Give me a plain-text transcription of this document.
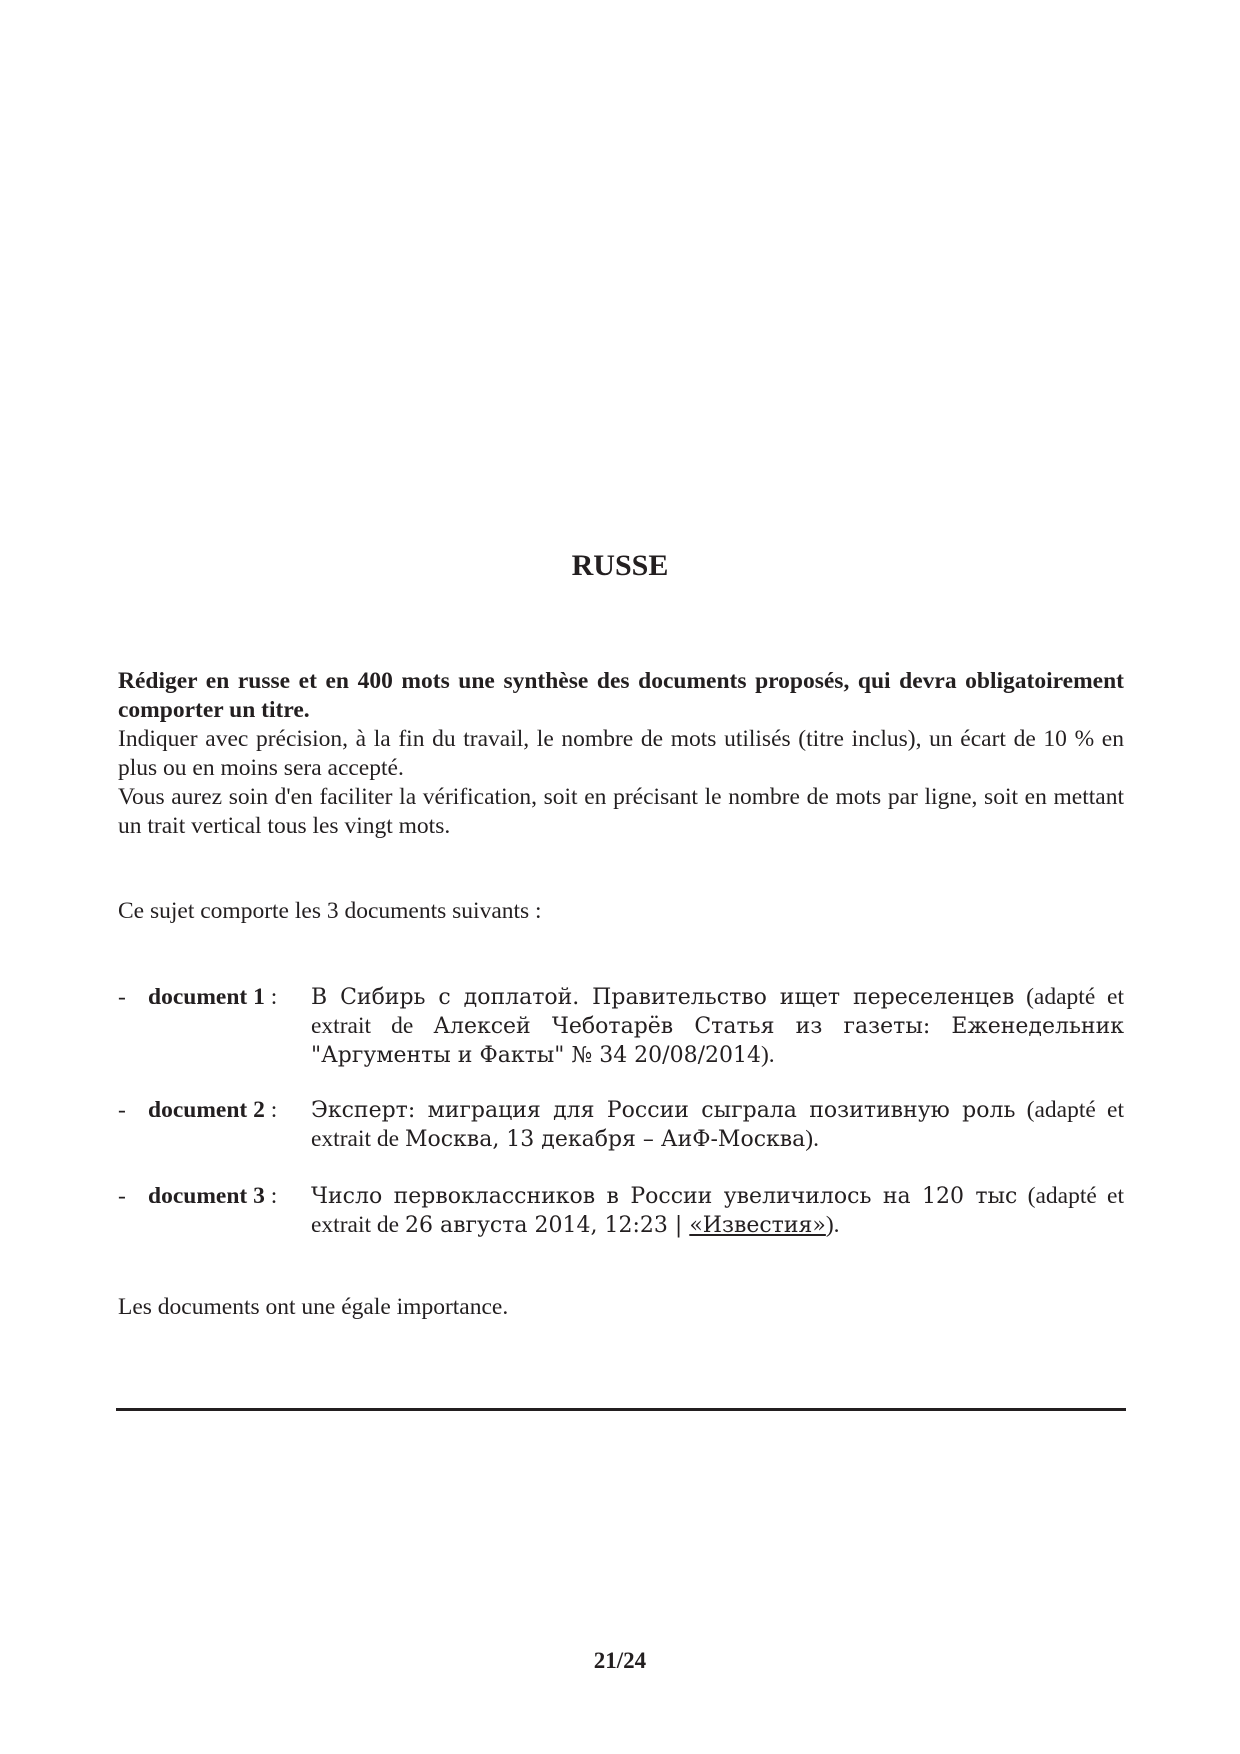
RUSSE

Rédiger en russe et en 400 mots une synthèse des documents proposés, qui devra obligatoirement comporter un titre.

Indiquer avec précision, à la fin du travail, le nombre de mots utilisés (titre inclus), un écart de 10 % en plus ou en moins sera accepté.

Vous aurez soin d'en faciliter la vérification, soit en précisant le nombre de mots par ligne, soit en mettant un trait vertical tous les vingt mots.

Ce sujet comporte les 3 documents suivants :
- document 1 : В Сибирь с доплатой. Правительство ищет переселенцев (adapté et extrait de Алексей Чеботарёв Статья из газеты: Еженедельник "Аргументы и Факты" № 34 20/08/2014).
- document 2 : Эксперт: миграция для России сыграла позитивную роль (adapté et extrait de Москва, 13 декабря – АиФ-Москва).
- document 3 : Число первоклассников в России увеличилось на 120 тыс (adapté et extrait de 26 августа 2014, 12:23 | «Известия»).
Les documents ont une égale importance.
21/24
